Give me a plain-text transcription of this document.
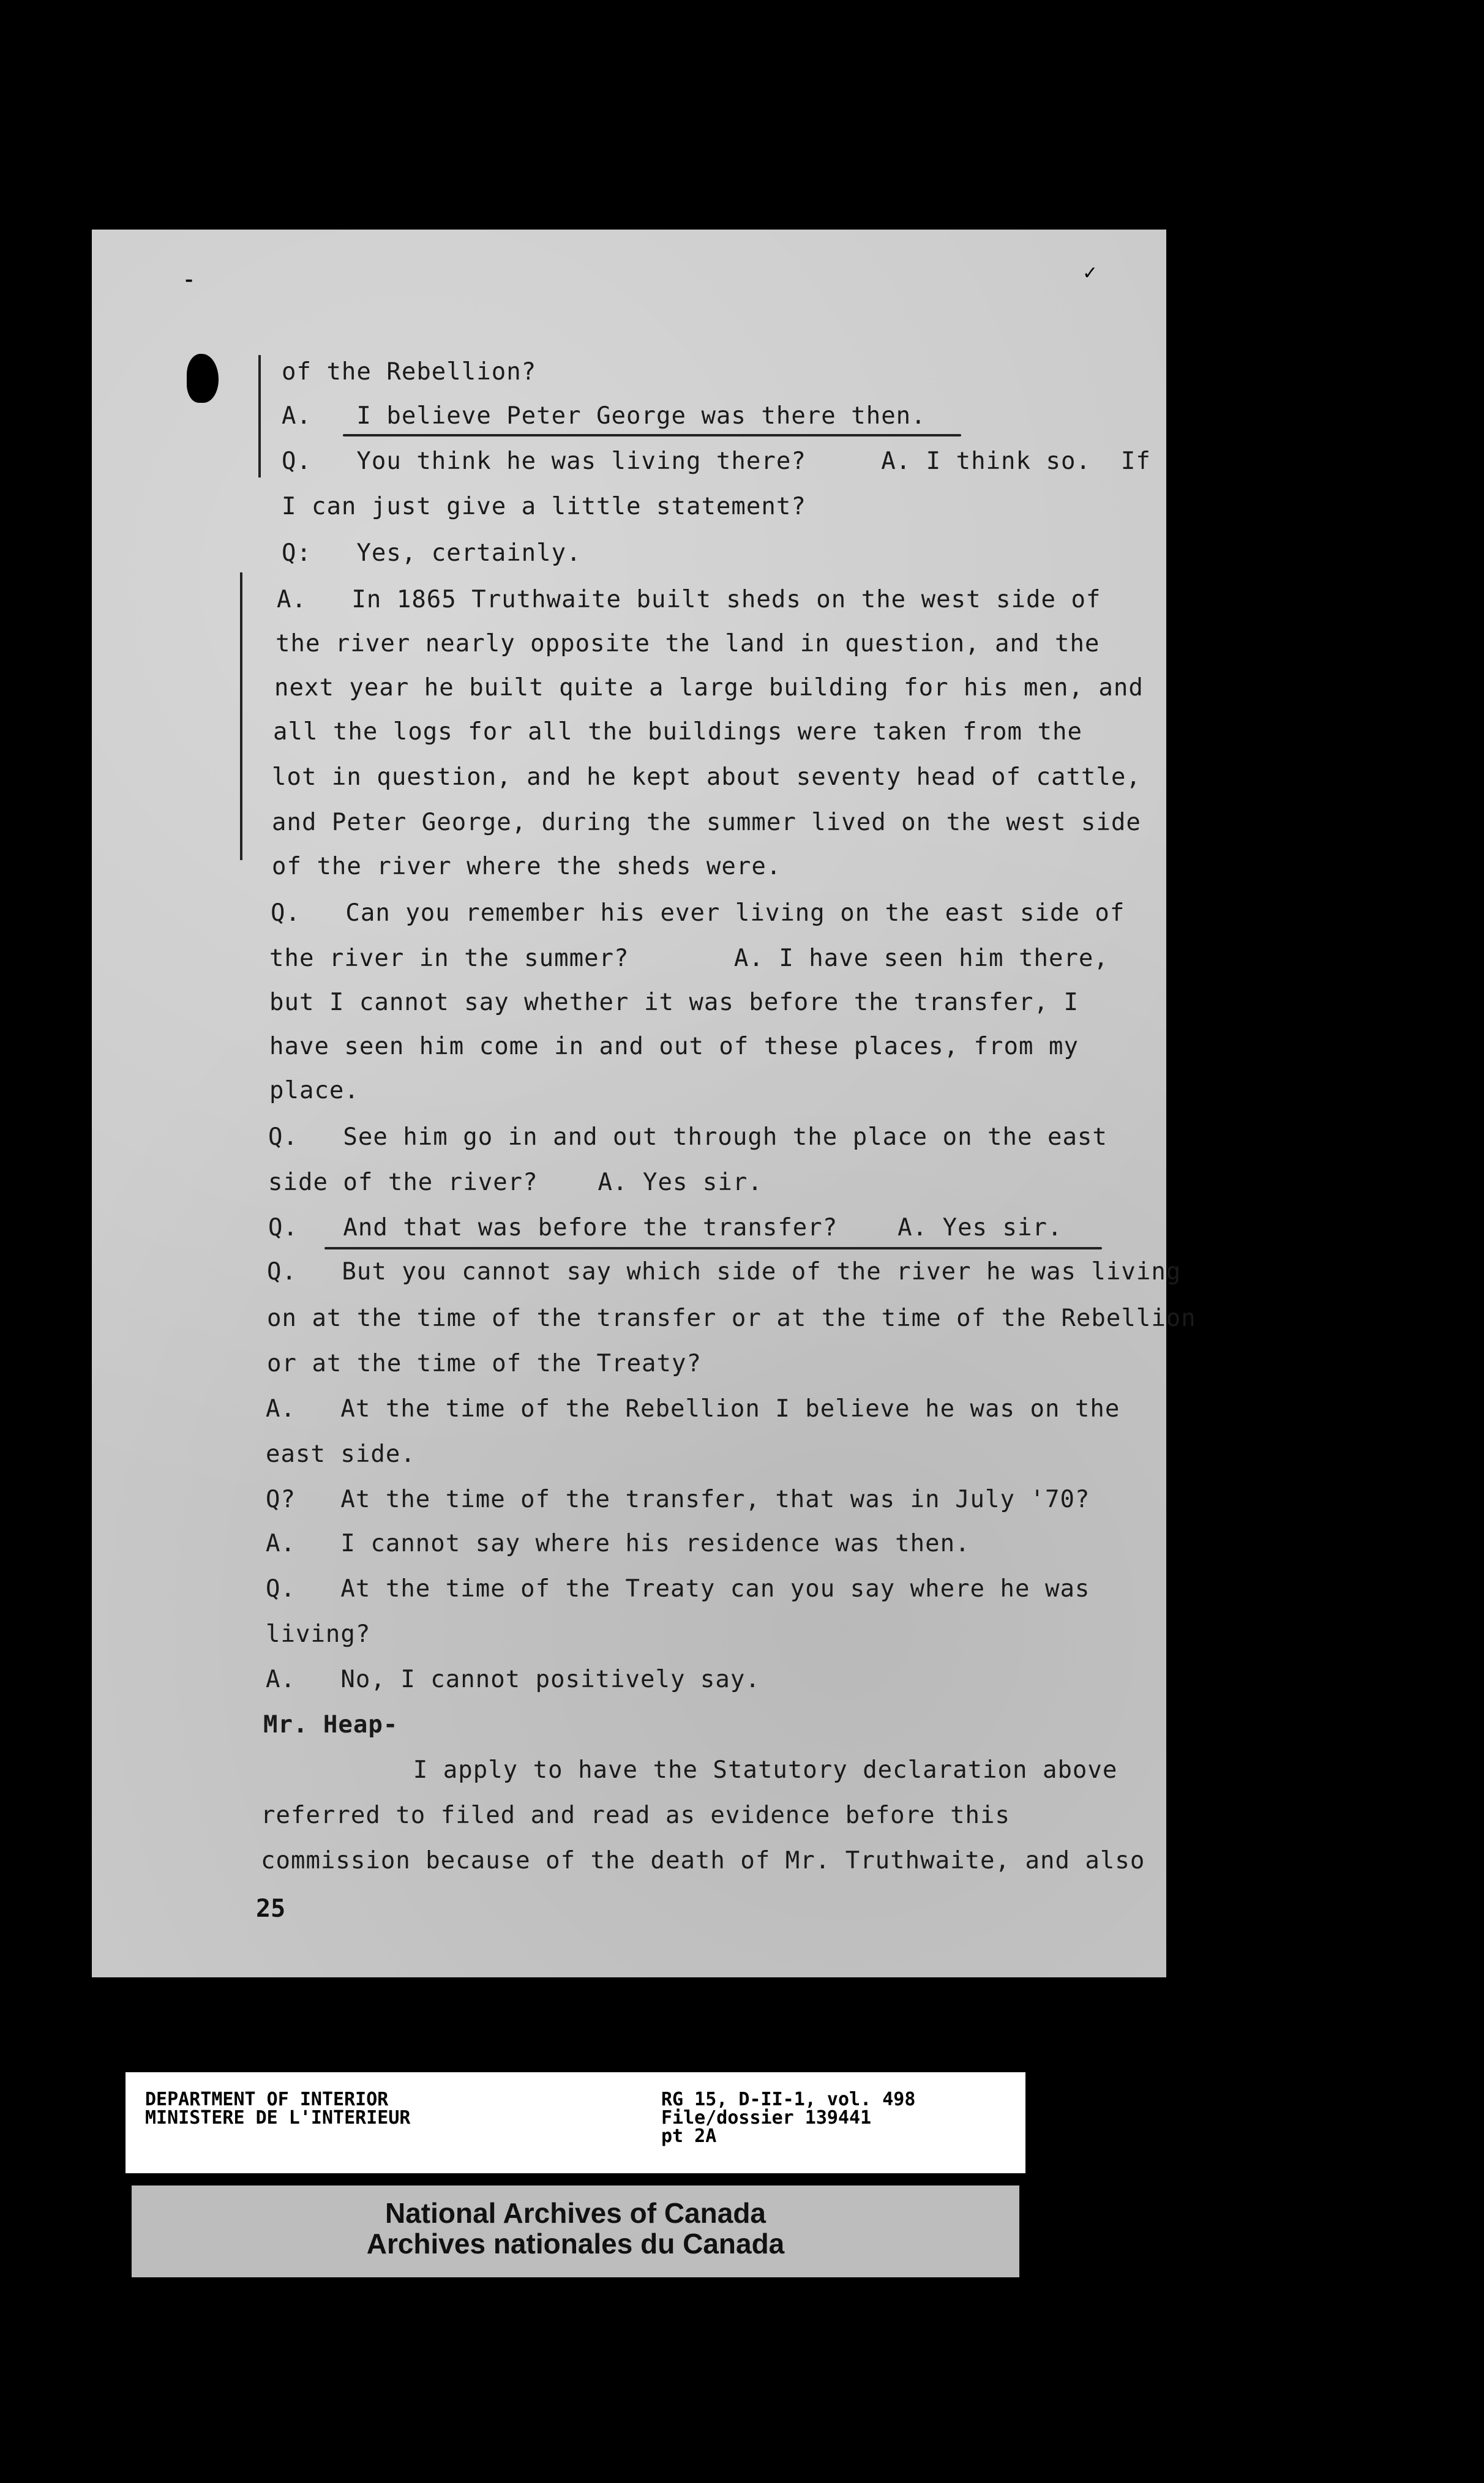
of the Rebellion?
A.   I believe Peter George was there then.
Q.   You think he was living there?     A. I think so.  If
I can just give a little statement?
Q:   Yes, certainly.
A.   In 1865 Truthwaite built sheds on the west side of
the river nearly opposite the land in question, and the
next year he built quite a large building for his men, and
all the logs for all the buildings were taken from the
lot in question, and he kept about seventy head of cattle,
and Peter George, during the summer lived on the west side
of the river where the sheds were.
Q.   Can you remember his ever living on the east side of
the river in the summer?       A. I have seen him there,
but I cannot say whether it was before the transfer, I
have seen him come in and out of these places, from my
place.
Q.   See him go in and out through the place on the east
side of the river?    A. Yes sir.
Q.   And that was before the transfer?    A. Yes sir.
Q.   But you cannot say which side of the river he was living
on at the time of the transfer or at the time of the Rebellion
or at the time of the Treaty?
A.   At the time of the Rebellion I believe he was on the
east side.
Q?   At the time of the transfer, that was in July '70?
A.   I cannot say where his residence was then.
Q.   At the time of the Treaty can you say where he was
living?
A.   No, I cannot positively say.
Mr. Heap-
I apply to have the Statutory declaration above
referred to filed and read as evidence before this
commission because of the death of Mr. Truthwaite, and also
25
⁃	✓
DEPARTMENT OF INTERIOR
MINISTERE DE L'INTERIEUR
RG 15, D-II-1, vol. 498
File/dossier 139441
pt 2A
National Archives of Canada
Archives nationales du Canada
